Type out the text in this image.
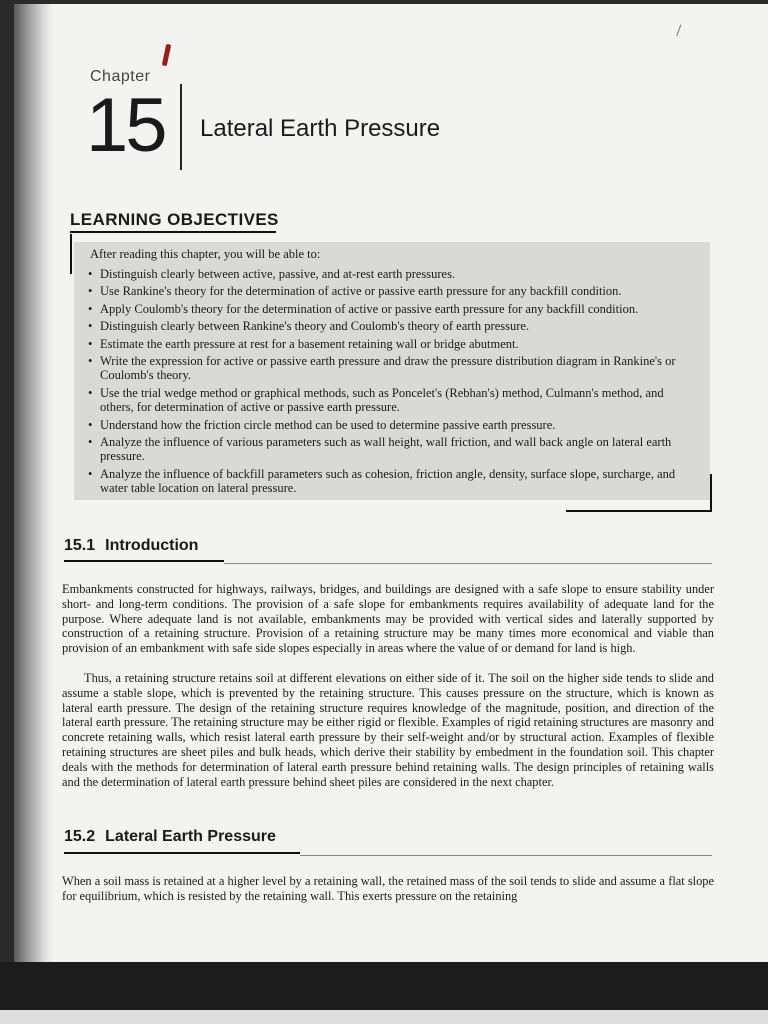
Chapter
15 Lateral Earth Pressure
LEARNING OBJECTIVES
After reading this chapter, you will be able to:
• Distinguish clearly between active, passive, and at-rest earth pressures.
• Use Rankine's theory for the determination of active or passive earth pressure for any backfill condition.
• Apply Coulomb's theory for the determination of active or passive earth pressure for any backfill condition.
• Distinguish clearly between Rankine's theory and Coulomb's theory of earth pressure.
• Estimate the earth pressure at rest for a basement retaining wall or bridge abutment.
• Write the expression for active or passive earth pressure and draw the pressure distribution diagram in Rankine's or Coulomb's theory.
• Use the trial wedge method or graphical methods, such as Poncelet's (Rebhan's) method, Culmann's method, and others, for determination of active or passive earth pressure.
• Understand how the friction circle method can be used to determine passive earth pressure.
• Analyze the influence of various parameters such as wall height, wall friction, and wall back angle on lateral earth pressure.
• Analyze the influence of backfill parameters such as cohesion, friction angle, density, surface slope, surcharge, and water table location on lateral pressure.
15.1 Introduction

Embankments constructed for highways, railways, bridges, and buildings are designed with a safe slope to ensure stability under short- and long-term conditions. The provision of a safe slope for embankments requires availability of adequate land for the purpose. Where adequate land is not available, embankments may be provided with vertical sides and laterally supported by construction of a retaining structure. Provision of a retaining structure may be many times more economical and viable than provision of an embankment with safe side slopes especially in areas where the value of or demand for land is high.

Thus, a retaining structure retains soil at different elevations on either side of it. The soil on the higher side tends to slide and assume a stable slope, which is prevented by the retaining structure. This causes pressure on the structure, which is known as lateral earth pressure. The design of the retaining structure requires knowledge of the magnitude, position, and direction of the lateral earth pressure. The retaining structure may be either rigid or flexible. Examples of rigid retaining structures are masonry and concrete retaining walls, which resist lateral earth pressure by their self-weight and/or by structural action. Examples of flexible retaining structures are sheet piles and bulk heads, which derive their stability by embedment in the foundation soil. This chapter deals with the methods for determination of lateral earth pressure behind retaining walls. The design principles of retaining walls and the determination of lateral earth pressure behind sheet piles are considered in the next chapter.

15.2 Lateral Earth Pressure

When a soil mass is retained at a higher level by a retaining wall, the retained mass of the soil tends to slide and assume a flat slope for equilibrium, which is resisted by the retaining wall. This exerts pressure on the retaining
